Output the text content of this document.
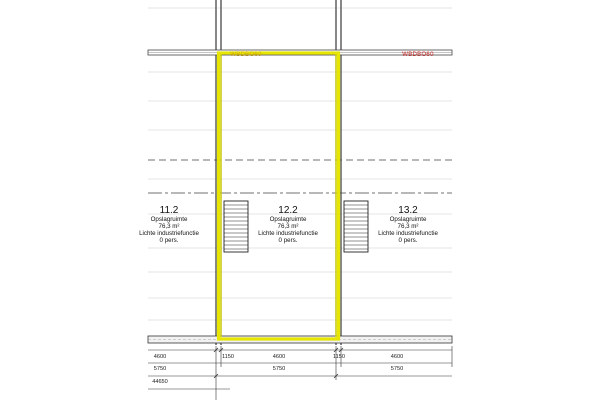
WBDBO60	WBDBO60
11.2
Opslagruimte
76,3 m²
Lichte industriefunctie
0 pers.
12.2
Opslagruimte
76,3 m²
Lichte industriefunctie
0 pers.
13.2
Opslagruimte
76,3 m²
Lichte industriefunctie
0 pers.
4600	1150	4600	1150	4600
5750	5750	5750
44650
